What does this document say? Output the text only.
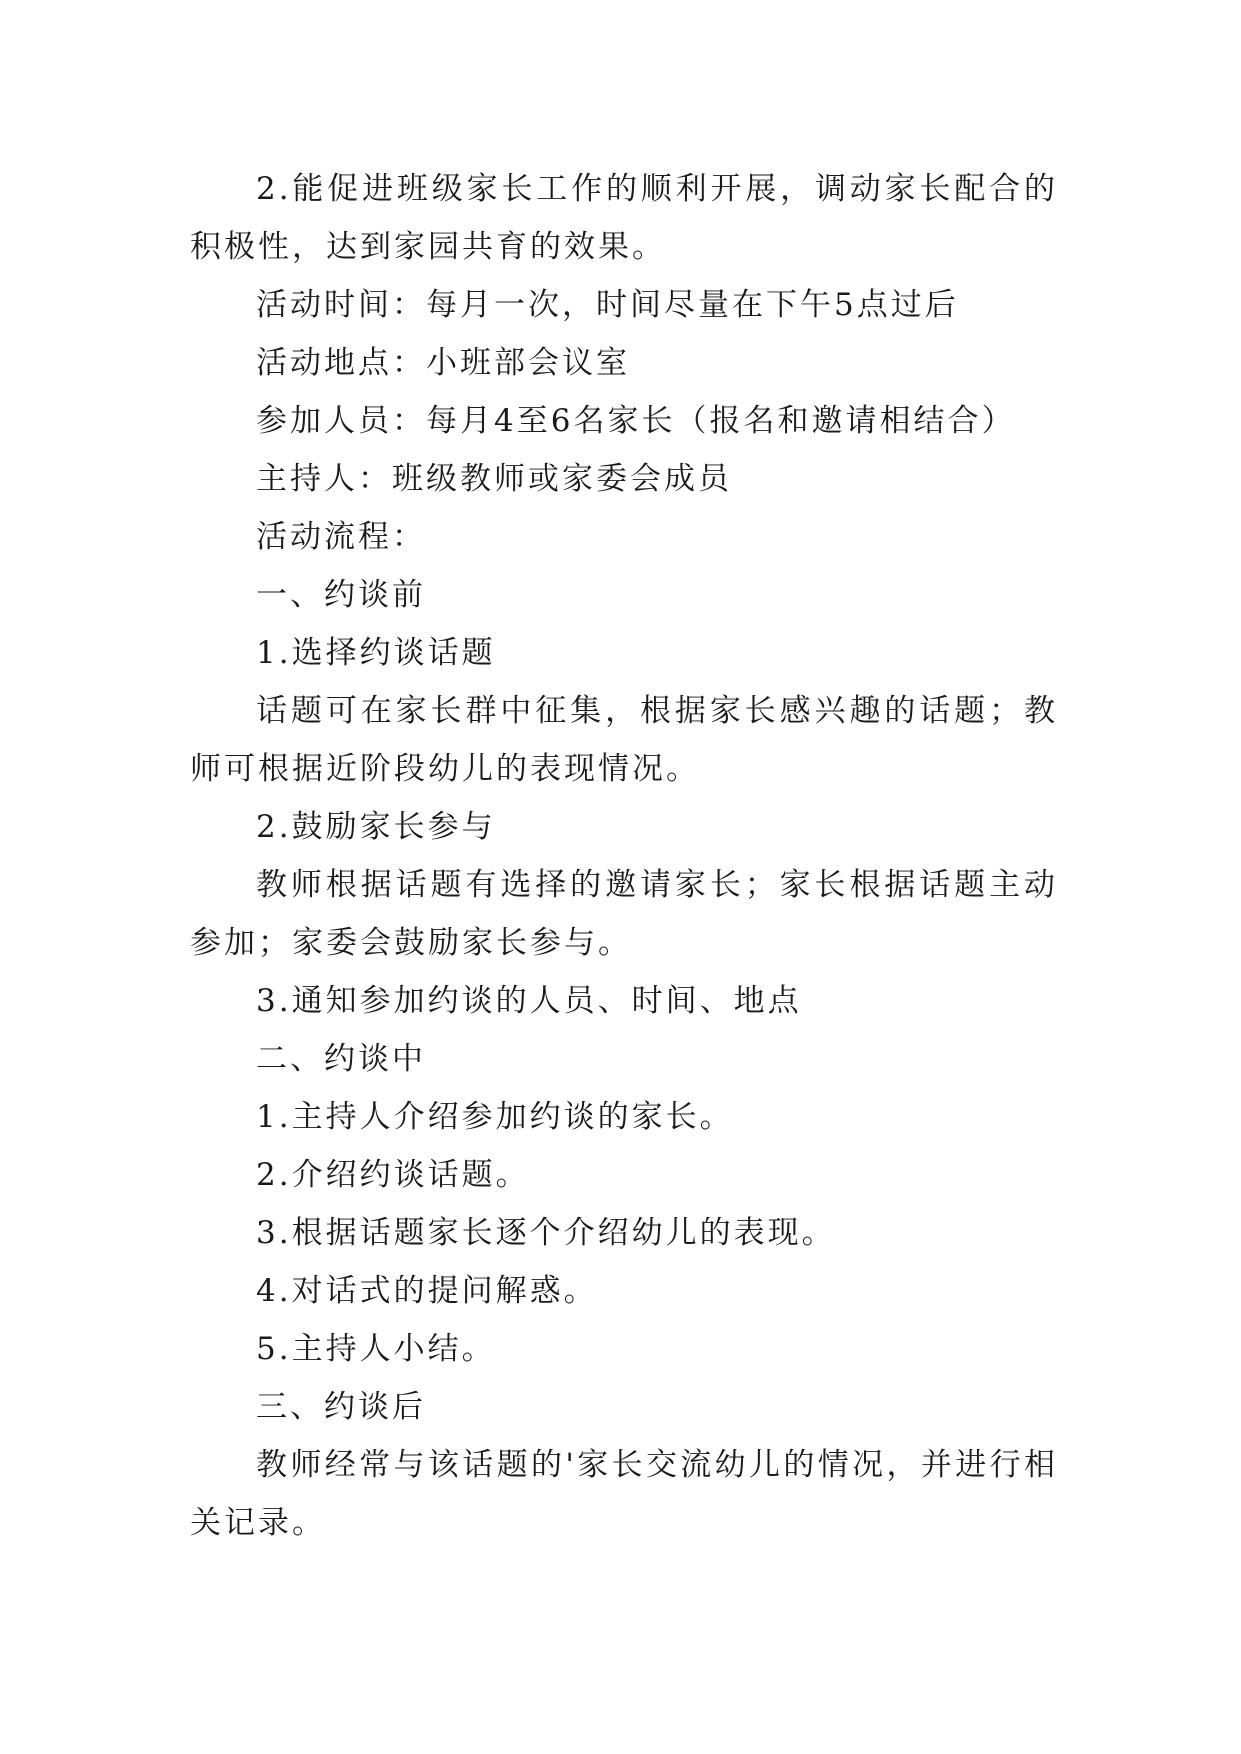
2.能促进班级家长工作的顺利开展，调动家长配合的积极性，达到家园共育的效果。

活动时间：每月一次，时间尽量在下午5点过后

活动地点：小班部会议室

参加人员：每月4至6名家长（报名和邀请相结合）

主持人：班级教师或家委会成员

活动流程：

一、约谈前

1.选择约谈话题

话题可在家长群中征集，根据家长感兴趣的话题；教师可根据近阶段幼儿的表现情况。

2.鼓励家长参与

教师根据话题有选择的邀请家长；家长根据话题主动参加；家委会鼓励家长参与。

3.通知参加约谈的人员、时间、地点

二、约谈中

1.主持人介绍参加约谈的家长。

2.介绍约谈话题。

3.根据话题家长逐个介绍幼儿的表现。

4.对话式的提问解惑。

5.主持人小结。

三、约谈后

教师经常与该话题的'家长交流幼儿的情况，并进行相关记录。
